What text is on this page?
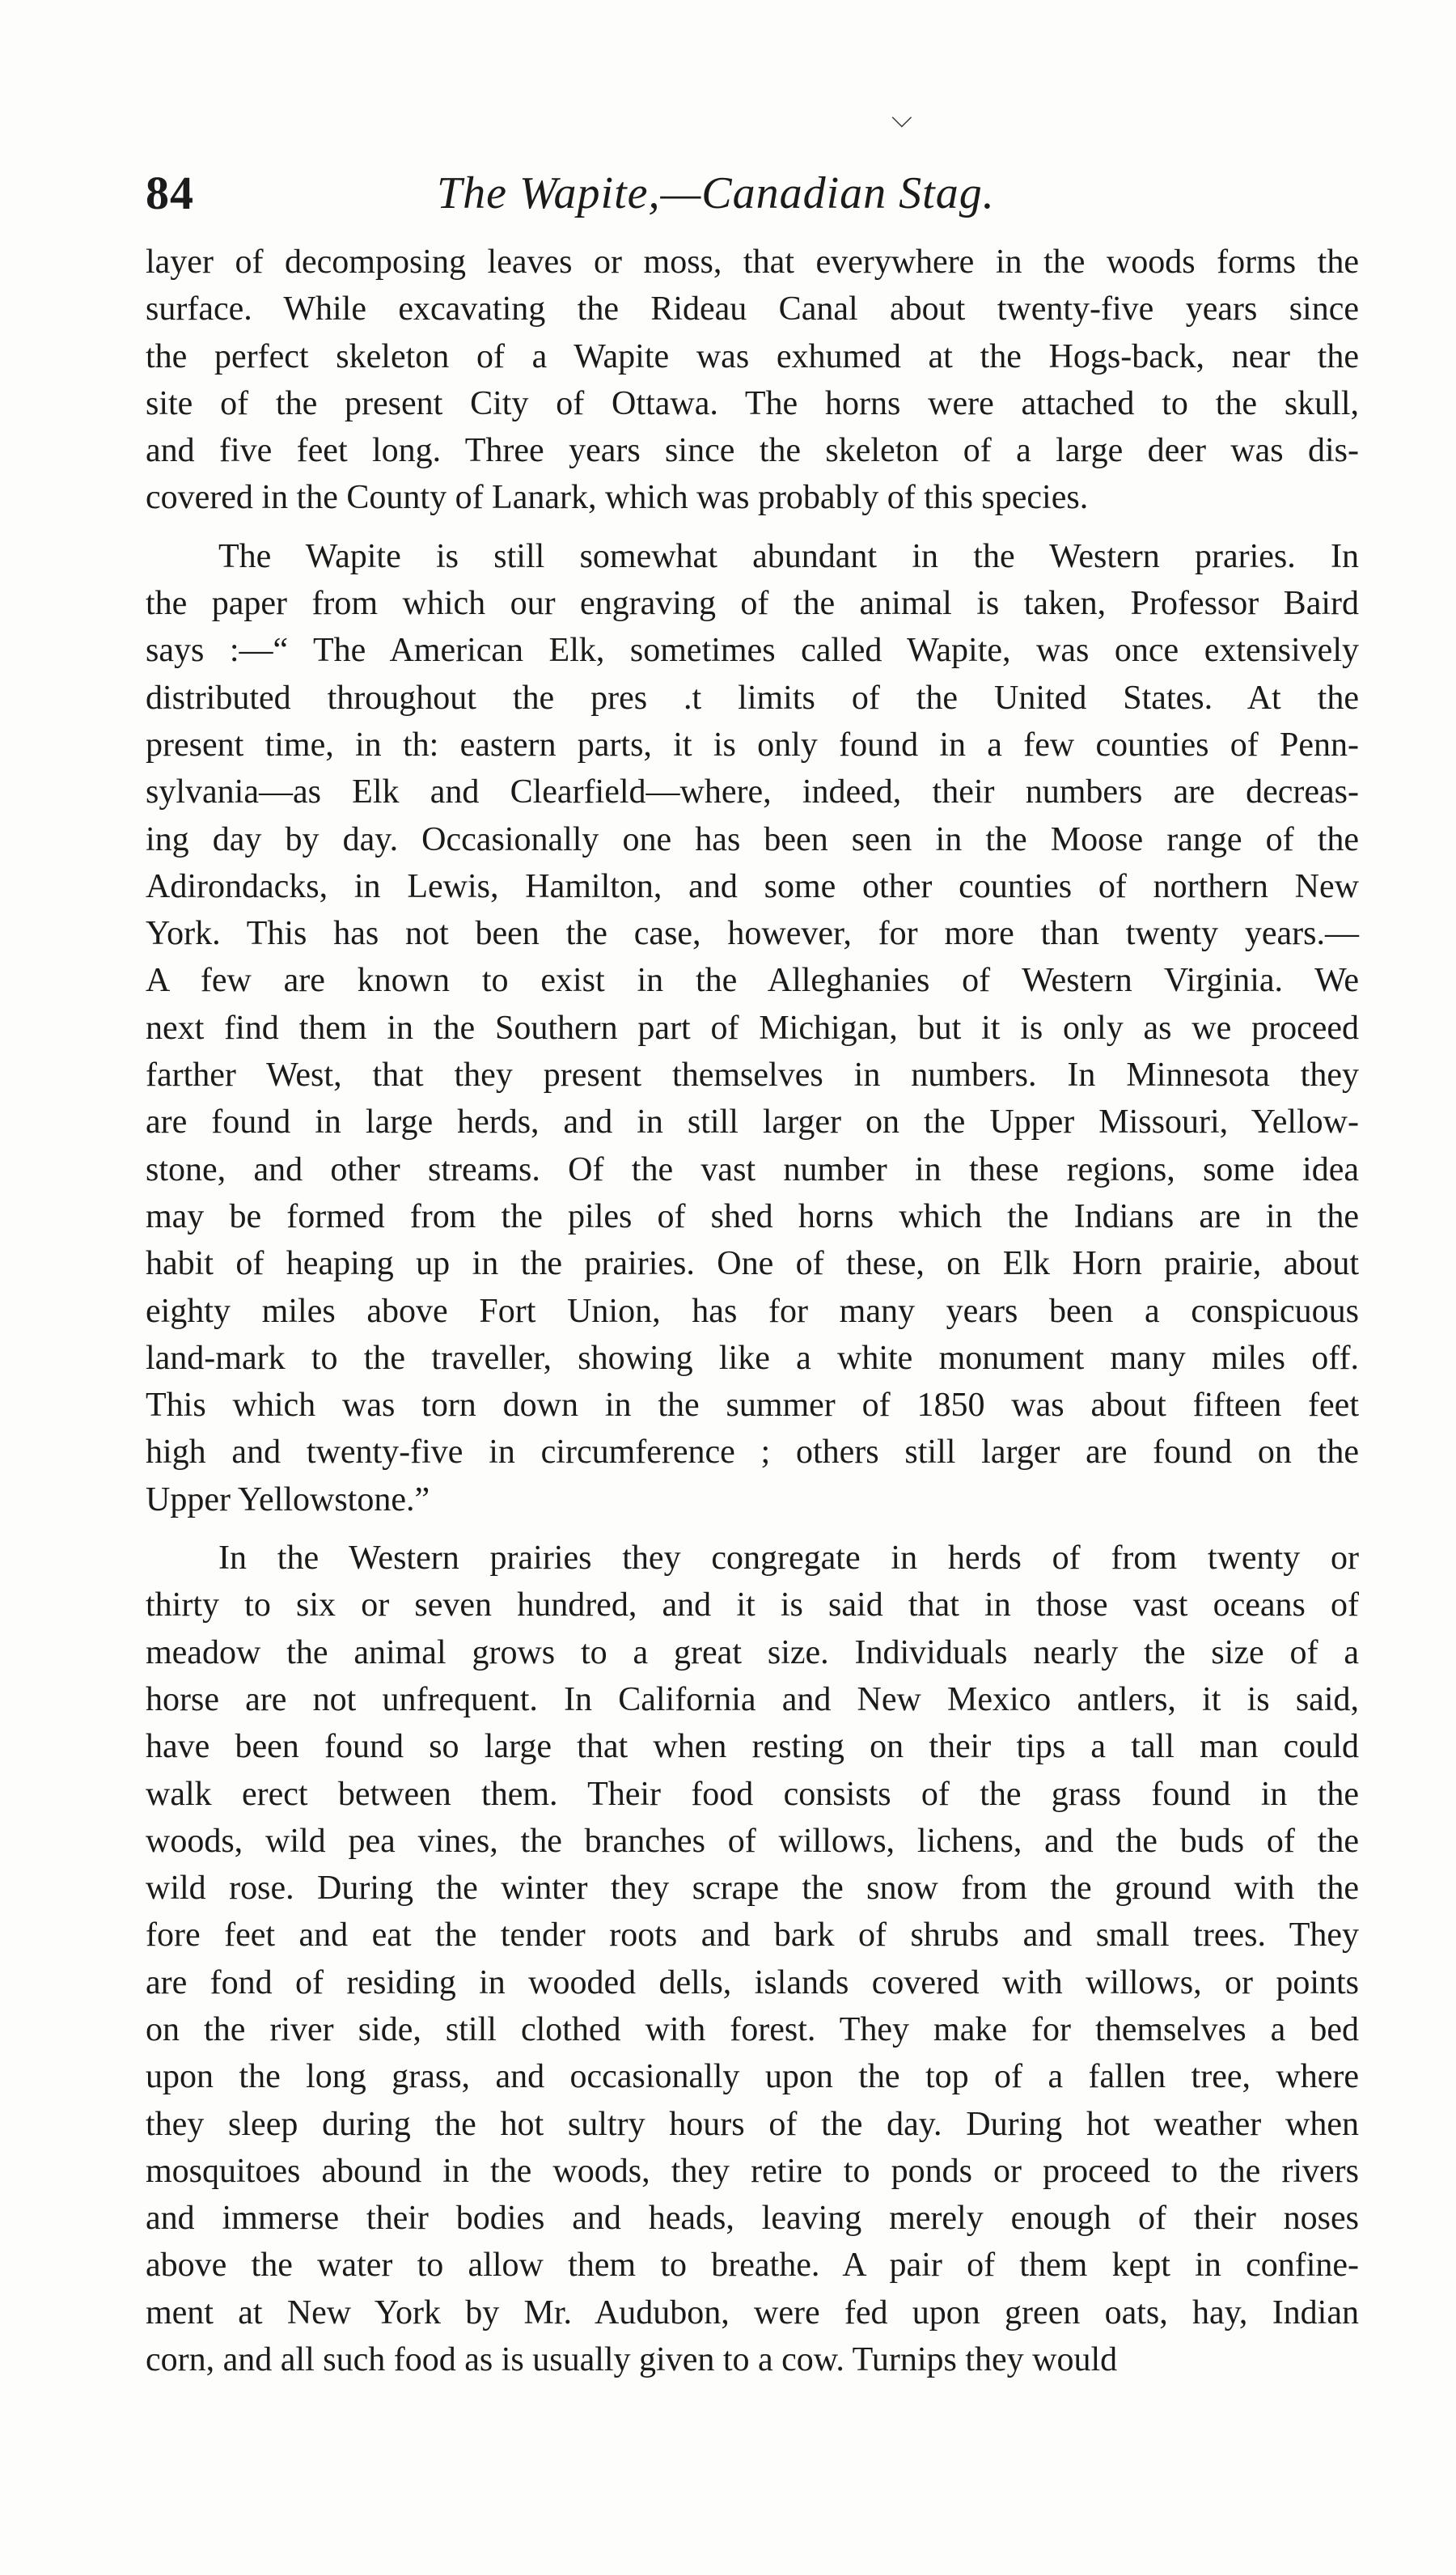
⌵
84	The Wapite,—Canadian Stag.
layer of decomposing leaves or moss, that everywhere in the woods forms the
surface. While excavating the Rideau Canal about twenty-five years since
the perfect skeleton of a Wapite was exhumed at the Hogs-back, near the
site of the present City of Ottawa. The horns were attached to the skull,
and five feet long. Three years since the skeleton of a large deer was dis-
covered in the County of Lanark, which was probably of this species.
The Wapite is still somewhat abundant in the Western praries. In
the paper from which our engraving of the animal is taken, Professor Baird
says :—“ The American Elk, sometimes called Wapite, was once extensively
distributed throughout the pres .t limits of the United States. At the
present time, in th: eastern parts, it is only found in a few counties of Penn-
sylvania—as Elk and Clearfield—where, indeed, their numbers are decreas-
ing day by day. Occasionally one has been seen in the Moose range of the
Adirondacks, in Lewis, Hamilton, and some other counties of northern New
York. This has not been the case, however, for more than twenty years.—
A few are known to exist in the Alleghanies of Western Virginia. We
next find them in the Southern part of Michigan, but it is only as we proceed
farther West, that they present themselves in numbers. In Minnesota they
are found in large herds, and in still larger on the Upper Missouri, Yellow-
stone, and other streams. Of the vast number in these regions, some idea
may be formed from the piles of shed horns which the Indians are in the
habit of heaping up in the prairies. One of these, on Elk Horn prairie, about
eighty miles above Fort Union, has for many years been a conspicuous
land-mark to the traveller, showing like a white monument many miles off.
This which was torn down in the summer of 1850 was about fifteen feet
high and twenty-five in circumference ; others still larger are found on the
Upper Yellowstone.”
In the Western prairies they congregate in herds of from twenty or
thirty to six or seven hundred, and it is said that in those vast oceans of
meadow the animal grows to a great size. Individuals nearly the size of a
horse are not unfrequent. In California and New Mexico antlers, it is said,
have been found so large that when resting on their tips a tall man could
walk erect between them. Their food consists of the grass found in the
woods, wild pea vines, the branches of willows, lichens, and the buds of the
wild rose. During the winter they scrape the snow from the ground with the
fore feet and eat the tender roots and bark of shrubs and small trees. They
are fond of residing in wooded dells, islands covered with willows, or points
on the river side, still clothed with forest. They make for themselves a bed
upon the long grass, and occasionally upon the top of a fallen tree, where
they sleep during the hot sultry hours of the day. During hot weather when
mosquitoes abound in the woods, they retire to ponds or proceed to the rivers
and immerse their bodies and heads, leaving merely enough of their noses
above the water to allow them to breathe. A pair of them kept in confine-
ment at New York by Mr. Audubon, were fed upon green oats, hay, Indian
corn, and all such food as is usually given to a cow. Turnips they would
